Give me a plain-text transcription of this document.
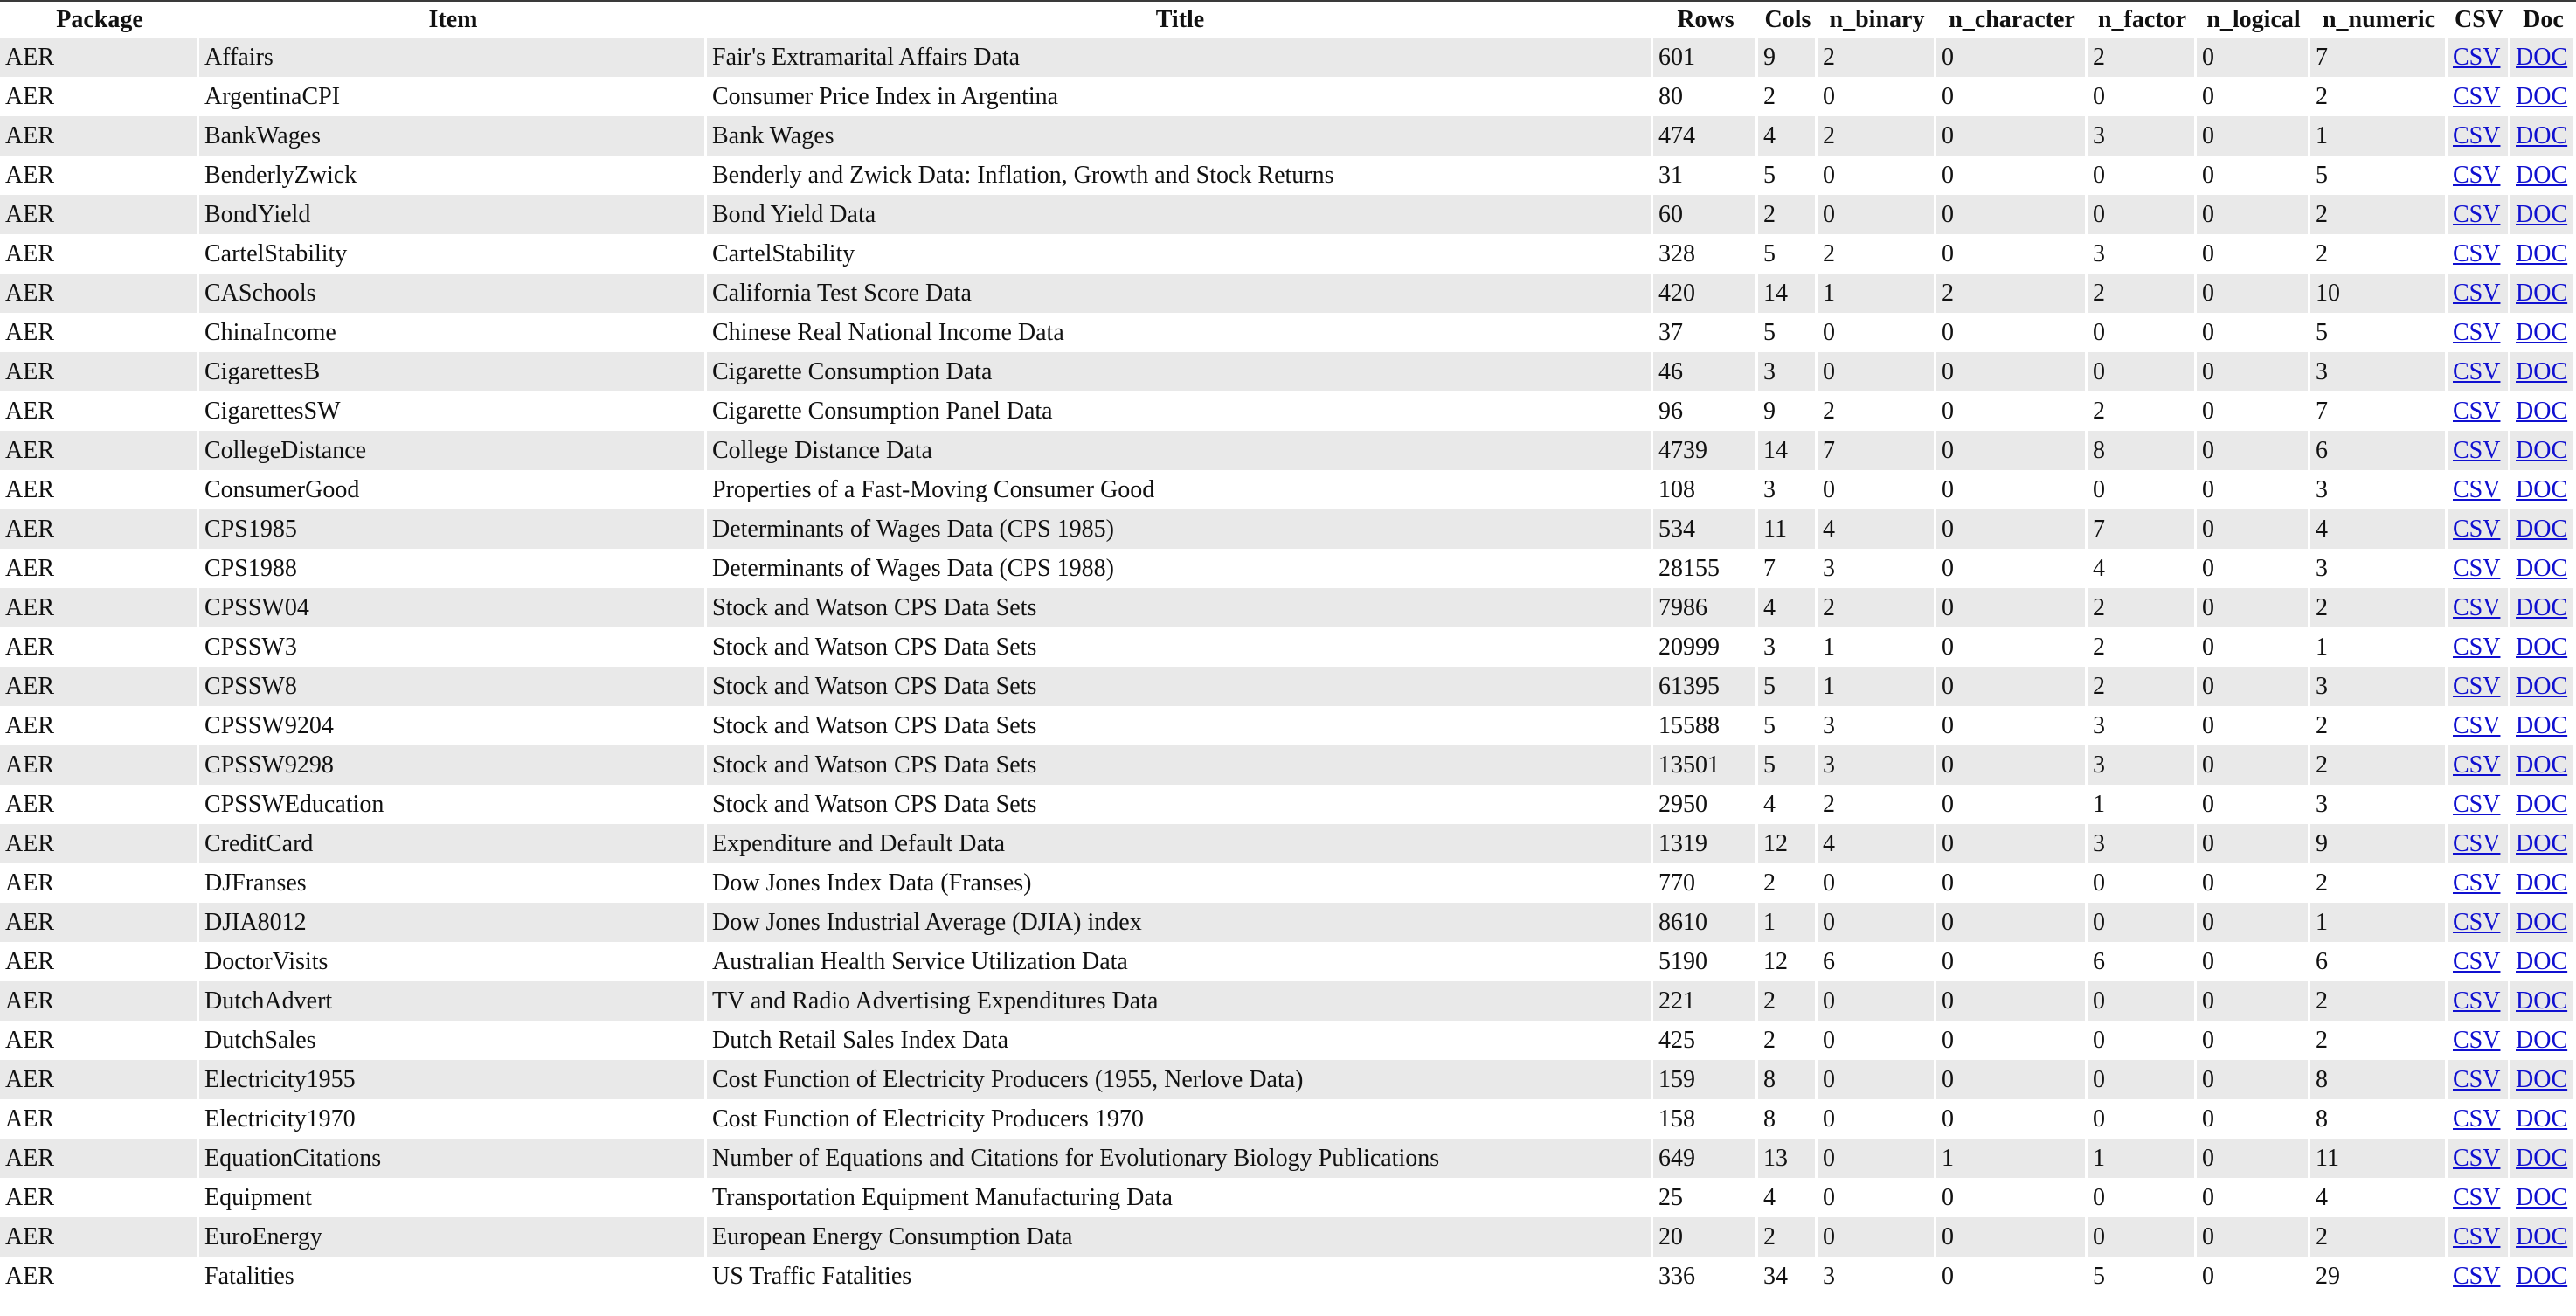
Package	Item	Title	Rows	Cols	n_binary	n_character	n_factor	n_logical	n_numeric	CSV	Doc
AER	Affairs	Fair's Extramarital Affairs Data	601	9	2	0	2	0	7	CSV	DOC
AER	ArgentinaCPI	Consumer Price Index in Argentina	80	2	0	0	0	0	2	CSV	DOC
AER	BankWages	Bank Wages	474	4	2	0	3	0	1	CSV	DOC
AER	BenderlyZwick	Benderly and Zwick Data: Inflation, Growth and Stock Returns	31	5	0	0	0	0	5	CSV	DOC
AER	BondYield	Bond Yield Data	60	2	0	0	0	0	2	CSV	DOC
AER	CartelStability	CartelStability	328	5	2	0	3	0	2	CSV	DOC
AER	CASchools	California Test Score Data	420	14	1	2	2	0	10	CSV	DOC
AER	ChinaIncome	Chinese Real National Income Data	37	5	0	0	0	0	5	CSV	DOC
AER	CigarettesB	Cigarette Consumption Data	46	3	0	0	0	0	3	CSV	DOC
AER	CigarettesSW	Cigarette Consumption Panel Data	96	9	2	0	2	0	7	CSV	DOC
AER	CollegeDistance	College Distance Data	4739	14	7	0	8	0	6	CSV	DOC
AER	ConsumerGood	Properties of a Fast-Moving Consumer Good	108	3	0	0	0	0	3	CSV	DOC
AER	CPS1985	Determinants of Wages Data (CPS 1985)	534	11	4	0	7	0	4	CSV	DOC
AER	CPS1988	Determinants of Wages Data (CPS 1988)	28155	7	3	0	4	0	3	CSV	DOC
AER	CPSSW04	Stock and Watson CPS Data Sets	7986	4	2	0	2	0	2	CSV	DOC
AER	CPSSW3	Stock and Watson CPS Data Sets	20999	3	1	0	2	0	1	CSV	DOC
AER	CPSSW8	Stock and Watson CPS Data Sets	61395	5	1	0	2	0	3	CSV	DOC
AER	CPSSW9204	Stock and Watson CPS Data Sets	15588	5	3	0	3	0	2	CSV	DOC
AER	CPSSW9298	Stock and Watson CPS Data Sets	13501	5	3	0	3	0	2	CSV	DOC
AER	CPSSWEducation	Stock and Watson CPS Data Sets	2950	4	2	0	1	0	3	CSV	DOC
AER	CreditCard	Expenditure and Default Data	1319	12	4	0	3	0	9	CSV	DOC
AER	DJFranses	Dow Jones Index Data (Franses)	770	2	0	0	0	0	2	CSV	DOC
AER	DJIA8012	Dow Jones Industrial Average (DJIA) index	8610	1	0	0	0	0	1	CSV	DOC
AER	DoctorVisits	Australian Health Service Utilization Data	5190	12	6	0	6	0	6	CSV	DOC
AER	DutchAdvert	TV and Radio Advertising Expenditures Data	221	2	0	0	0	0	2	CSV	DOC
AER	DutchSales	Dutch Retail Sales Index Data	425	2	0	0	0	0	2	CSV	DOC
AER	Electricity1955	Cost Function of Electricity Producers (1955, Nerlove Data)	159	8	0	0	0	0	8	CSV	DOC
AER	Electricity1970	Cost Function of Electricity Producers 1970	158	8	0	0	0	0	8	CSV	DOC
AER	EquationCitations	Number of Equations and Citations for Evolutionary Biology Publications	649	13	0	1	1	0	11	CSV	DOC
AER	Equipment	Transportation Equipment Manufacturing Data	25	4	0	0	0	0	4	CSV	DOC
AER	EuroEnergy	European Energy Consumption Data	20	2	0	0	0	0	2	CSV	DOC
AER	Fatalities	US Traffic Fatalities	336	34	3	0	5	0	29	CSV	DOC
